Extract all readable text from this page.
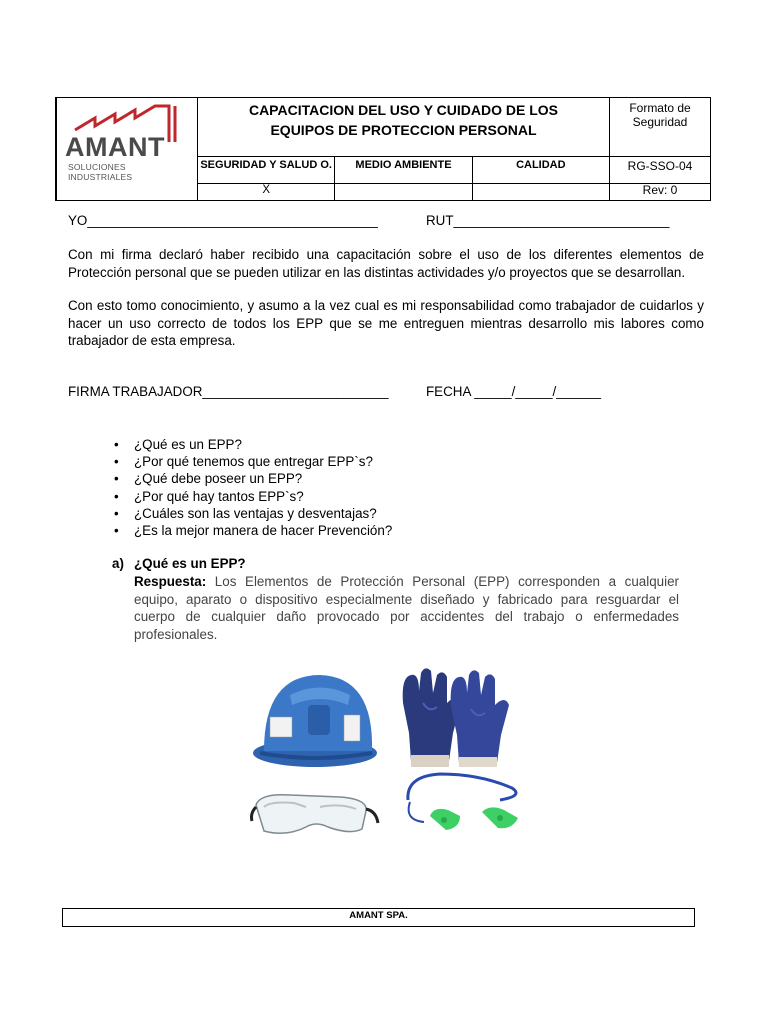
AMANT
SOLUCIONES INDUSTRIALES	CAPACITACION DEL USO Y CUIDADO DE LOS EQUIPOS DE PROTECCION PERSONAL			Formato de Seguridad
	SEGURIDAD Y SALUD O.	MEDIO AMBIENTE	CALIDAD	RG-SSO-04
	X			Rev: 0
YO_______________________________________	RUT_____________________________
Con mi firma declaró haber recibido una capacitación sobre el uso de los diferentes elementos de Protección personal que se pueden utilizar en las distintas actividades y/o proyectos que se desarrollan.
Con esto tomo conocimiento, y asumo a la vez cual es mi responsabilidad como trabajador de cuidarlos y hacer un uso correcto de todos los EPP que se me entreguen mientras desarrollo mis labores como trabajador de esta empresa.
FIRMA TRABAJADOR_________________________	FECHA _____/_____/______
• ¿Qué es un EPP?
• ¿Por qué tenemos que entregar EPP`s?
• ¿Qué debe poseer un EPP?
• ¿Por qué hay tantos EPP`s?
• ¿Cuáles son las ventajas y desventajas?
• ¿Es la mejor manera de hacer Prevención?
a) ¿Qué es un EPP?
Respuesta: Los Elementos de Protección Personal (EPP) corresponden a cualquier equipo, aparato o dispositivo especialmente diseñado y fabricado para resguardar el cuerpo de cualquier daño provocado por accidentes del trabajo o enfermedades profesionales.
AMANT SPA.
